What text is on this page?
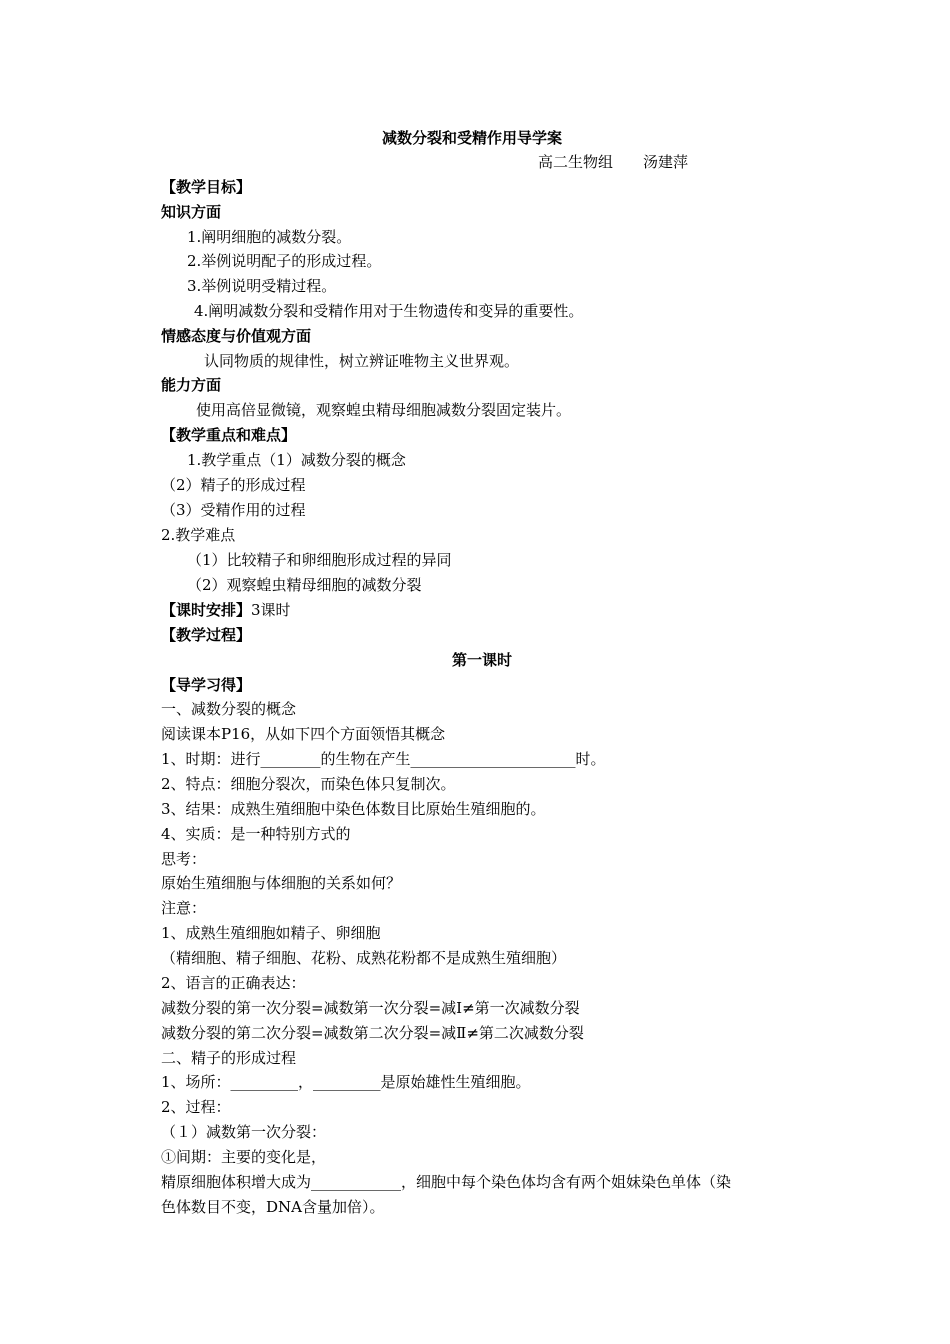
减数分裂和受精作用导学案
高二生物组　　汤建萍
【教学目标】
知识方面
1.阐明细胞的减数分裂。
2.举例说明配子的形成过程。
3.举例说明受精过程。
4.阐明减数分裂和受精作用对于生物遗传和变异的重要性。
情感态度与价值观方面
认同物质的规律性，树立辨证唯物主义世界观。
能力方面
使用高倍显微镜，观察蝗虫精母细胞减数分裂固定装片。
【教学重点和难点】
1.教学重点（1）减数分裂的概念
（2）精子的形成过程
（3）受精作用的过程
2.教学难点
（1）比较精子和卵细胞形成过程的异同
（2）观察蝗虫精母细胞的减数分裂
【课时安排】3课时
【教学过程】
第一课时
【导学习得】
一、减数分裂的概念
阅读课本P16，从如下四个方面领悟其概念
1、时期：进行________的生物在产生______________________时。
2、特点：细胞分裂次，而染色体只复制次。
3、结果：成熟生殖细胞中染色体数目比原始生殖细胞的。
4、实质：是一种特别方式的
思考：
原始生殖细胞与体细胞的关系如何？
注意：
1、成熟生殖细胞如精子、卵细胞
（精细胞、精子细胞、花粉、成熟花粉都不是成熟生殖细胞）
2、语言的正确表达：
减数分裂的第一次分裂=减数第一次分裂=减Ⅰ≠第一次减数分裂
减数分裂的第二次分裂=减数第二次分裂=减Ⅱ≠第二次减数分裂
二、精子的形成过程
1、场所：_________，_________是原始雄性生殖细胞。
2、过程：
（１）减数第一次分裂：
①间期：主要的变化是，
精原细胞体积增大成为____________，细胞中每个染色体均含有两个姐妹染色单体（染
色体数目不变，DNA含量加倍）。
